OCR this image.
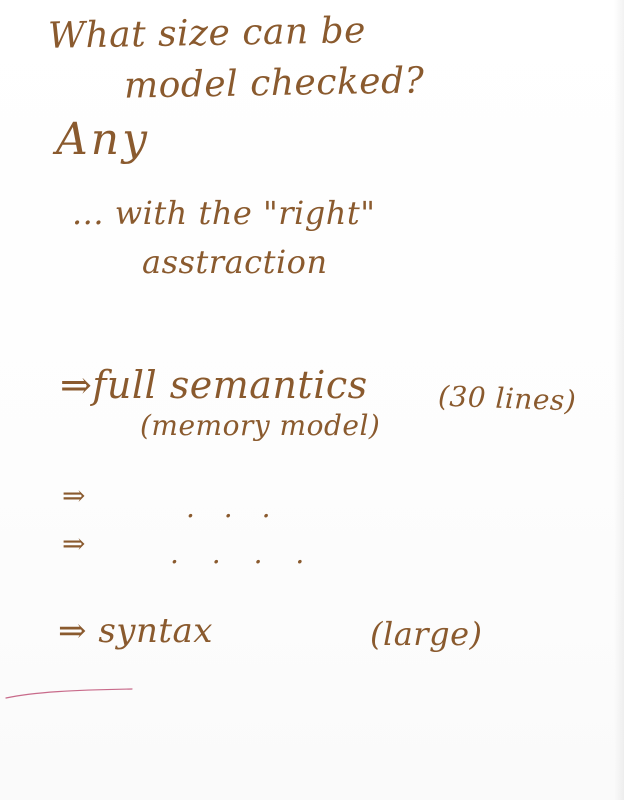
What size can be
model checked?
Any
... with the "right"
asstraction
⇒full semantics
(memory model)
(30 lines)
⇒	. . .
⇒	. . . .
⇒ syntax	(large)
